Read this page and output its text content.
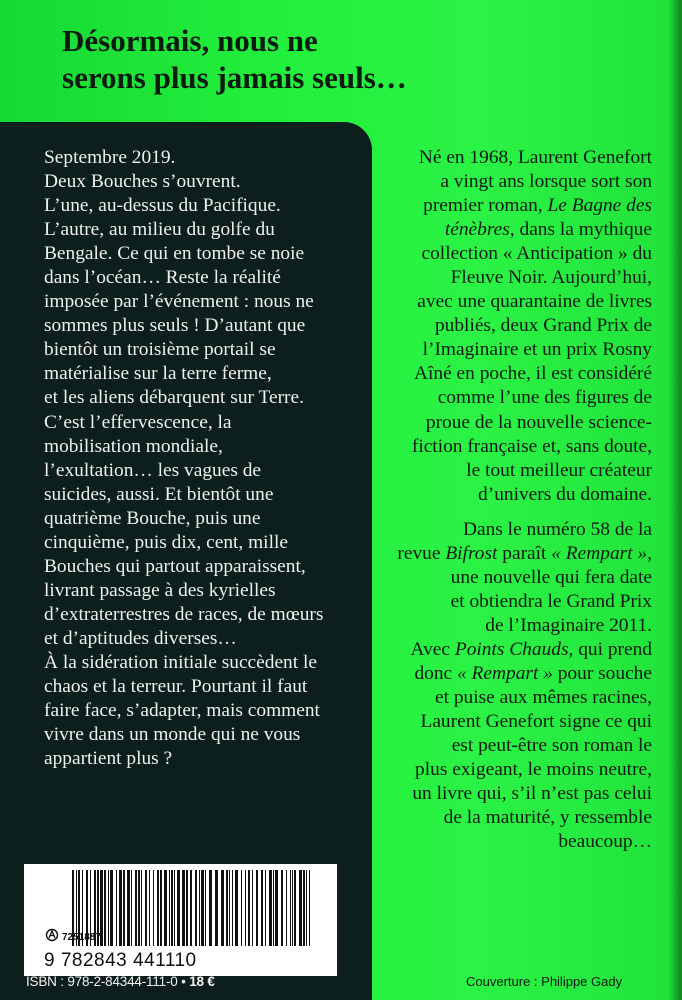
Désormais, nous ne
serons plus jamais seuls…

Septembre 2019.

Deux Bouches s’ouvrent.

L’une, au-dessus du Pacifique.

L’autre, au milieu du golfe du

Bengale. Ce qui en tombe se noie

dans l’océan… Reste la réalité

imposée par l’événement : nous ne

sommes plus seuls ! D’autant que

bientôt un troisième portail se

matérialise sur la terre ferme,

et les aliens débarquent sur Terre.

C’est l’effervescence, la

mobilisation mondiale,

l’exultation… les vagues de

suicides, aussi. Et bientôt une

quatrième Bouche, puis une

cinquième, puis dix, cent, mille

Bouches qui partout apparaissent,

livrant passage à des kyrielles

d’extraterrestres de races, de mœurs

et d’aptitudes diverses…

À la sidération initiale succèdent le

chaos et la terreur. Pourtant il faut

faire face, s’adapter, mais comment

vivre dans un monde qui ne vous

appartient plus ?

Né en 1968, Laurent Genefort

a vingt ans lorsque sort son

premier roman, Le Bagne des

ténèbres, dans la mythique

collection « Anticipation » du

Fleuve Noir. Aujourd’hui,

avec une quarantaine de livres

publiés, deux Grand Prix de

l’Imaginaire et un prix Rosny

Aîné en poche, il est considéré

comme l’une des figures de

proue de la nouvelle science-

fiction française et, sans doute,

le tout meilleur créateur

d’univers du domaine.

Dans le numéro 58 de la

revue Bifrost paraît « Rempart »,

une nouvelle qui fera date

et obtiendra le Grand Prix

de l’Imaginaire 2011.

Avec Points Chauds, qui prend

donc « Rempart » pour souche

et puise aux mêmes racines,

Laurent Genefort signe ce qui

est peut-être son roman le

plus exigeant, le moins neutre,

un livre qui, s’il n’est pas celui

de la maturité, y ressemble

beaucoup…

9 782843 441110
7251887
ISBN : 978-2-84344-111-0 • 18 €	Couverture : Philippe Gady
